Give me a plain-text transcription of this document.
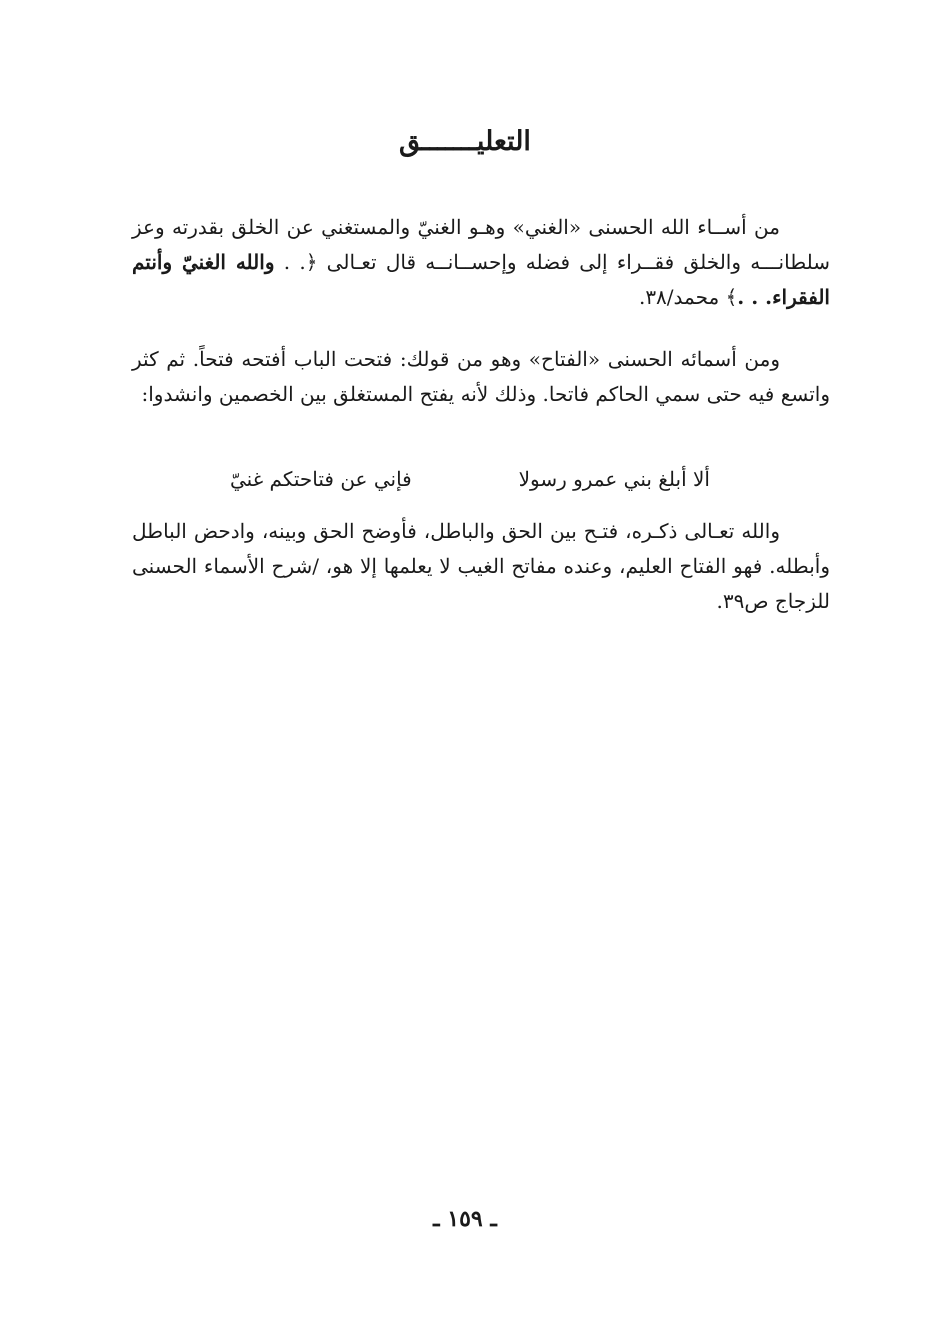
التعليـــــــق
من أســاء الله الحسنى «الغني» وهـو الغنيّ والمستغني عن الخلق بقدرته وعز سلطانـــه والخلق فقــراء إلى فضله وإحســانــه قال تعـالى ﴿. . والله الغنيّ وأنتم الفقراء. . .﴾ محمد/٣٨.
ومن أسمائه الحسنى «الفتاح» وهو من قولك: فتحت الباب أفتحه فتحاً. ثم كثر واتسع فيه حتى سمي الحاكم فاتحا. وذلك لأنه يفتح المستغلق بين الخصمين وانشدوا:
ألا أبلغ بني عمرو رسولا
فإني عن فتاحتكم غنيّ
والله تعـالى ذكـره، فتـح بين الحق والباطل، فأوضح الحق وبينه، وادحض الباطل وأبطله. فهو الفتاح العليم، وعنده مفاتح الغيب لا يعلمها إلا هو، /شرح الأسماء الحسنى للزجاج ص٣٩.
ـ ١٥٩ ـ
